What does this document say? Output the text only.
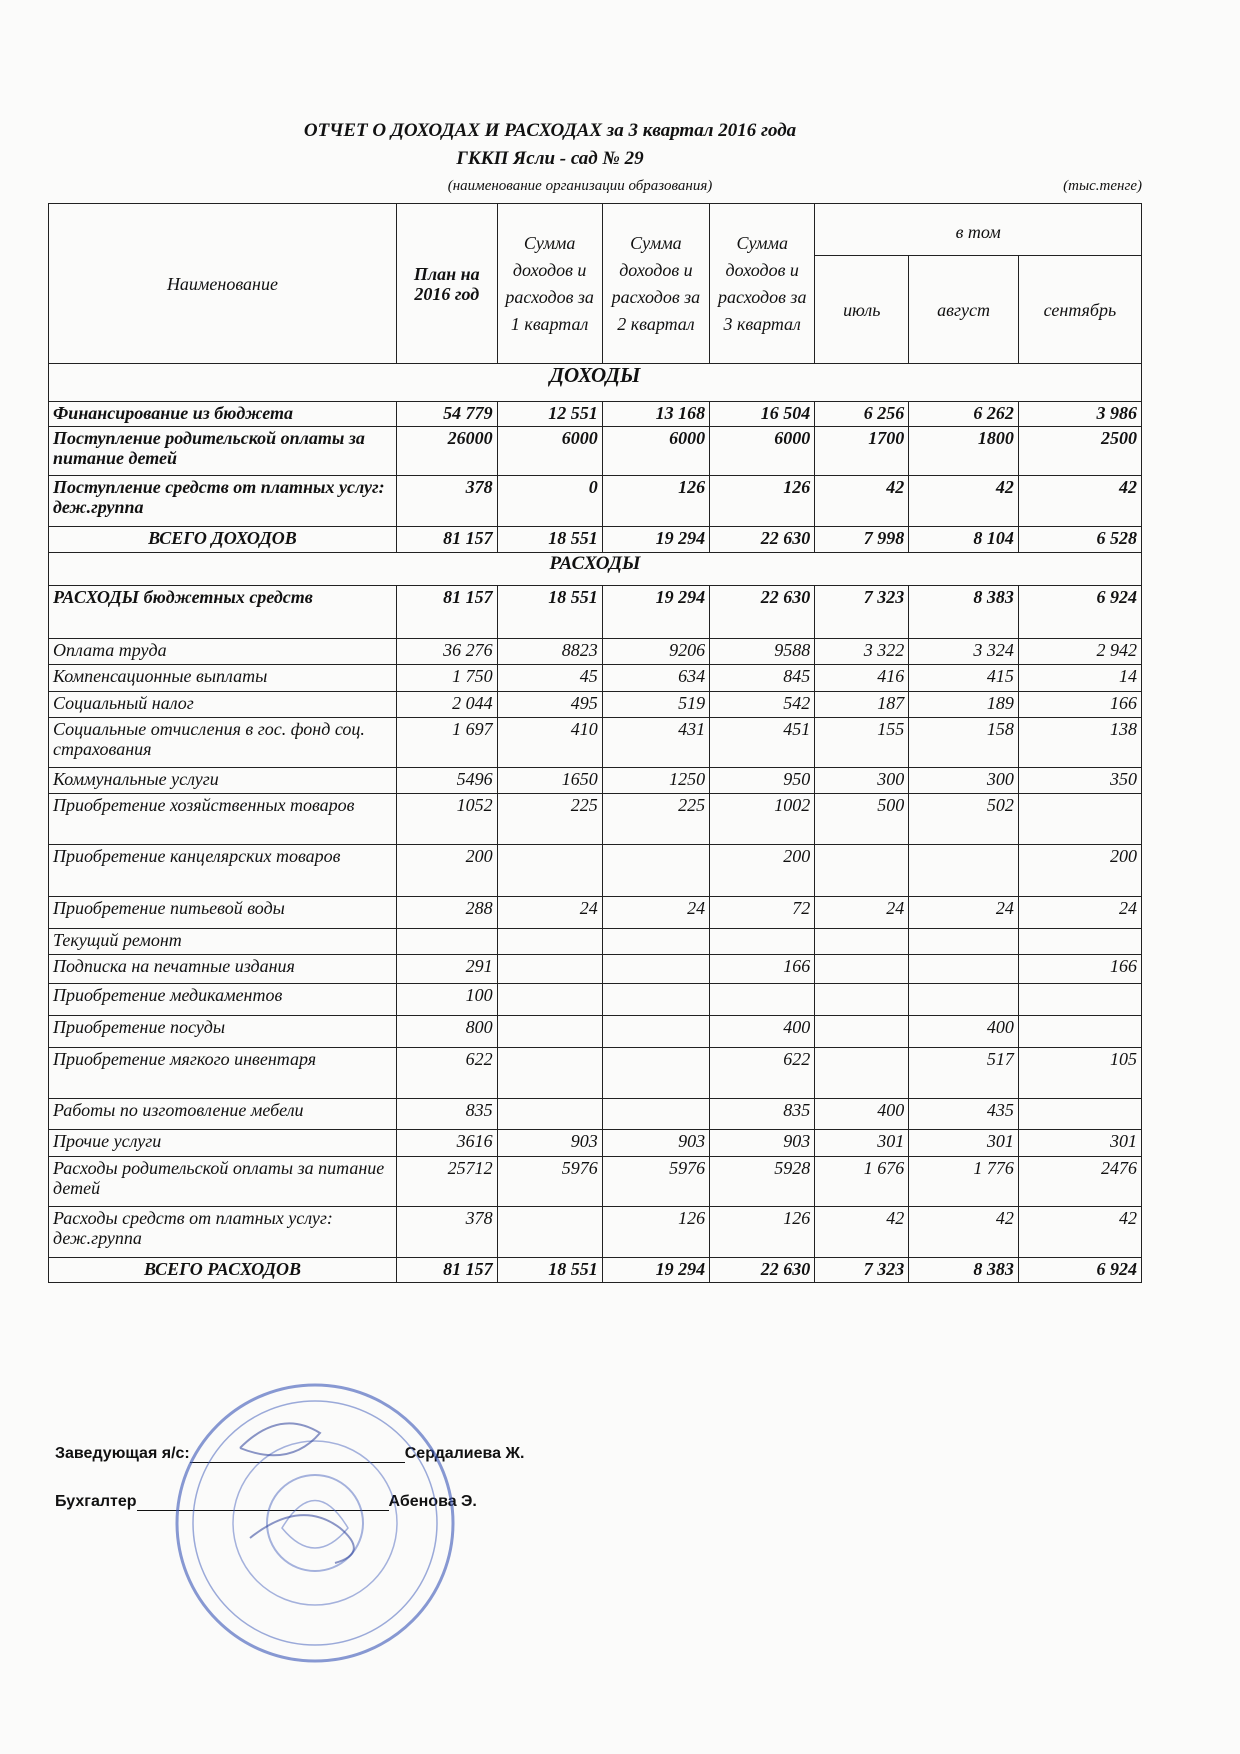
ОТЧЕТ О ДОХОДАХ И РАСХОДАХ за 3 квартал 2016 года
ГККП Ясли - сад № 29
(наименование организации образования)	(тыс.тенге)
Наименование	План на 2016 год	Сумма доходов и расходов за 1 квартал	Сумма доходов и расходов за 2 квартал	Сумма доходов и расходов за 3 квартал	в том		
					июль	август	сентябрь
ДОХОДЫ							
Финансирование из бюджета	54 779	12 551	13 168	16 504	6 256	6 262	3 986
Поступление родительской оплаты за питание детей	26000	6000	6000	6000	1700	1800	2500
Поступление средств от платных услуг: деж.группа	378	0	126	126	42	42	42
ВСЕГО ДОХОДОВ	81 157	18 551	19 294	22 630	7 998	8 104	6 528
РАСХОДЫ							
РАСХОДЫ бюджетных средств	81 157	18 551	19 294	22 630	7 323	8 383	6 924
Оплата труда	36 276	8823	9206	9588	3 322	3 324	2 942
Компенсационные выплаты	1 750	45	634	845	416	415	14
Социальный налог	2 044	495	519	542	187	189	166
Социальные отчисления в гос. фонд соц. страхования	1 697	410	431	451	155	158	138
Коммунальные услуги	5496	1650	1250	950	300	300	350
Приобретение хозяйственных товаров	1052	225	225	1002	500	502	
Приобретение канцелярских товаров	200			200			200
Приобретение питьевой воды	288	24	24	72	24	24	24
Текущий ремонт							
Подписка на печатные издания	291			166			166
Приобретение медикаментов	100						
Приобретение посуды	800			400		400	
Приобретение мягкого инвентаря	622			622		517	105
Работы по изготовление мебели	835			835	400	435	
Прочие услуги	3616	903	903	903	301	301	301
Расходы родительской оплаты за питание детей	25712	5976	5976	5928	1 676	1 776	2476
Расходы средств от платных услуг: деж.группа	378		126	126	42	42	42
ВСЕГО РАСХОДОВ	81 157	18 551	19 294	22 630	7 323	8 383	6 924
Заведующая я/с:	Сердалиева Ж.
Бухгалтер	Абенова Э.
